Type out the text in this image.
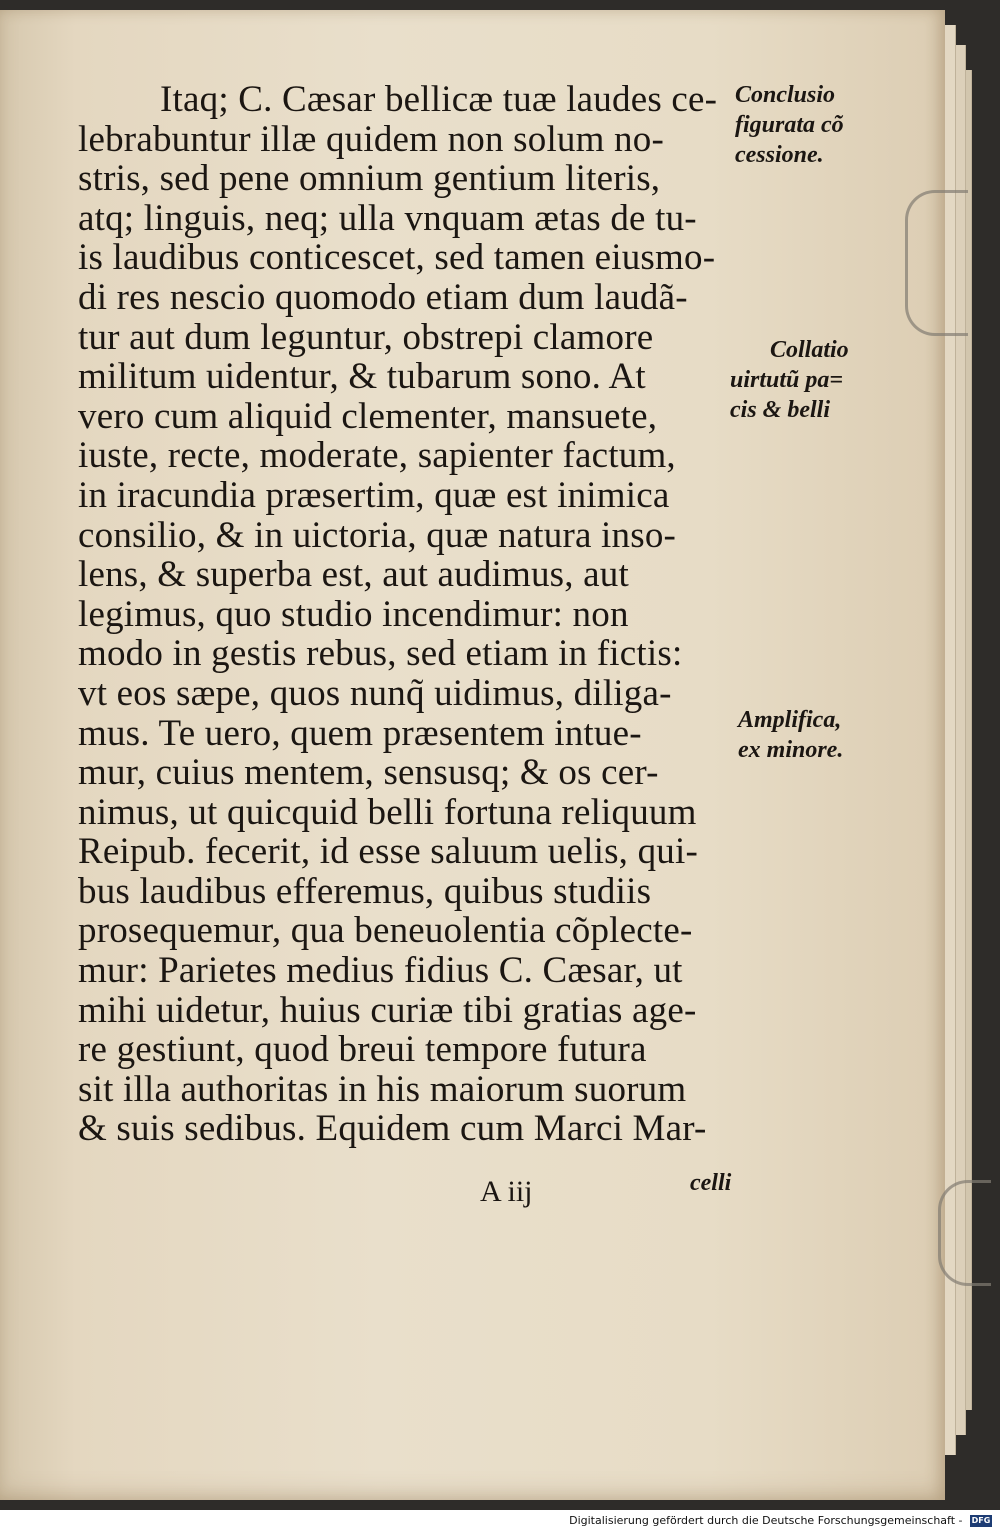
Itaq; C. Cæsar bellicæ tuæ laudes ce-
lebrabuntur illæ quidem non solum no-
stris, sed pene omnium gentium literis,
atq; linguis, neq; ulla vnquam ætas de tu-
is laudibus conticescet, sed tamen eiusmo-
di res nescio quomodo etiam dum laudã-
tur aut dum leguntur, obstrepi clamore
militum uidentur, & tubarum sono. At
vero cum aliquid clementer, mansuete,
iuste, recte, moderate, sapienter factum,
in iracundia præsertim, quæ est inimica
consilio, & in uictoria, quæ natura inso-
lens, & superba est, aut audimus, aut
legimus, quo studio incendimur: non
modo in gestis rebus, sed etiam in fictis:
vt eos sæpe, quos nunq̃ uidimus, diliga-
mus. Te uero, quem præsentem intue-
mur, cuius mentem, sensusq; & os cer-
nimus, ut quicquid belli fortuna reliquum
Reipub. fecerit, id esse saluum uelis, qui-
bus laudibus efferemus, quibus studiis
prosequemur, qua beneuolentia cõplecte-
mur: Parietes medius fidius C. Cæsar, ut
mihi uidetur, huius curiæ tibi gratias age-
re gestiunt, quod breui tempore futura
sit illa authoritas in his maiorum suorum
& suis sedibus. Equidem cum Marci Mar-
Conclusio
figurata cõ
cessione.
Collatio
uirtutũ pa=
cis & belli
Amplifica,
ex minore.
A iij	celli
Digitalisierung gefördert durch die Deutsche Forschungsgemeinschaft - DFG
